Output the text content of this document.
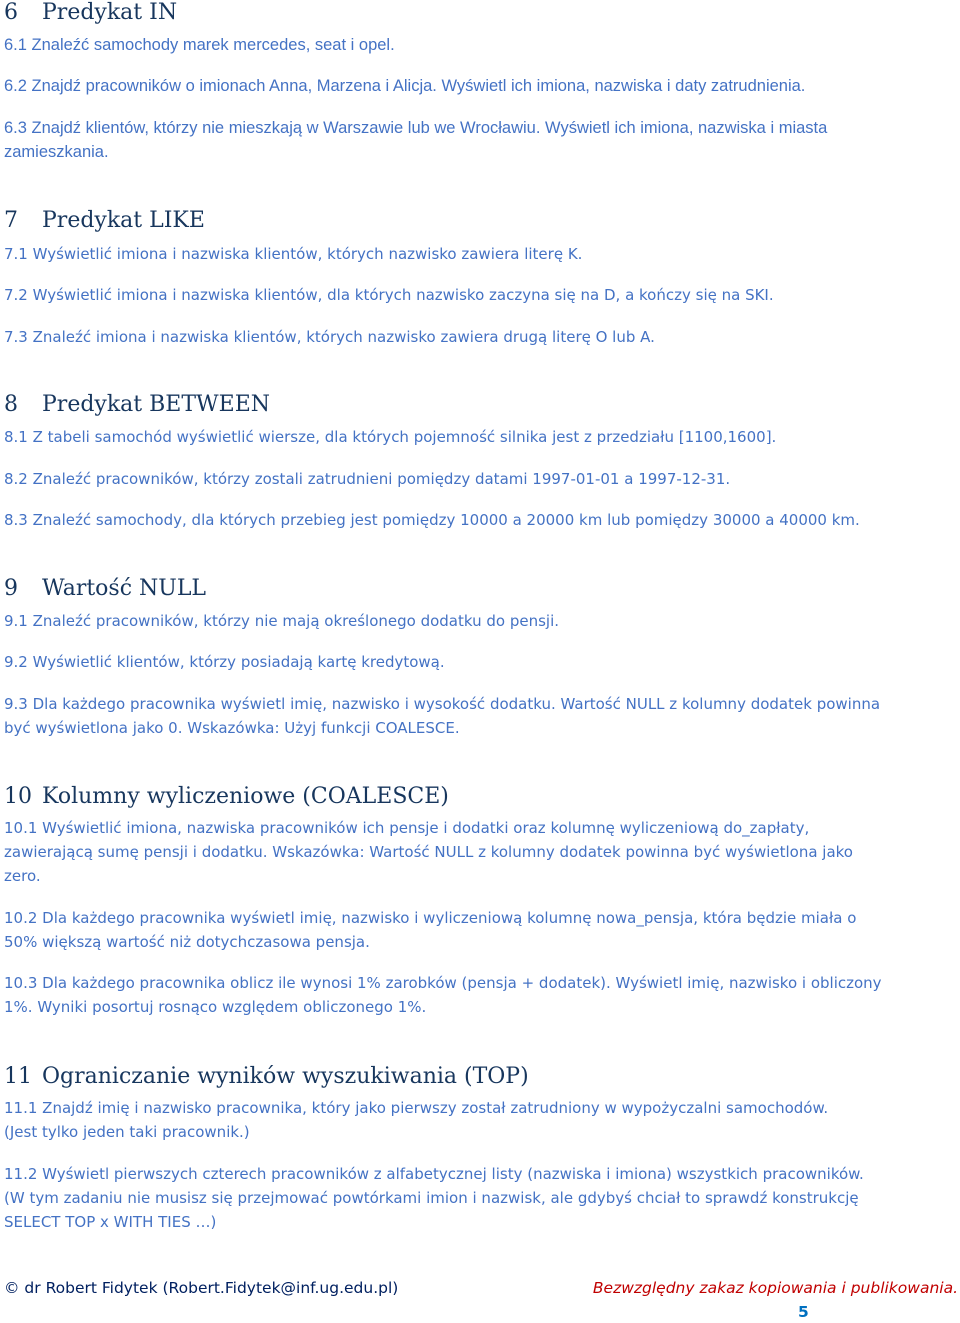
6 Predykat IN

6.1 Znaleźć samochody marek mercedes, seat i opel.

6.2 Znajdź pracowników o imionach Anna, Marzena i Alicja. Wyświetl ich imiona, nazwiska i daty zatrudnienia.

6.3 Znajdź klientów, którzy nie mieszkają w Warszawie lub we Wrocławiu. Wyświetl ich imiona, nazwiska i miasta
zamieszkania.

7 Predykat LIKE

7.1 Wyświetlić imiona i nazwiska klientów, których nazwisko zawiera literę K.

7.2 Wyświetlić imiona i nazwiska klientów, dla których nazwisko zaczyna się na D, a kończy się na SKI.

7.3 Znaleźć imiona i nazwiska klientów, których nazwisko zawiera drugą literę O lub A.

8 Predykat BETWEEN

8.1 Z tabeli samochód wyświetlić wiersze, dla których pojemność silnika jest z przedziału [1100,1600].

8.2 Znaleźć pracowników, którzy zostali zatrudnieni pomiędzy datami 1997-01-01 a 1997-12-31.

8.3 Znaleźć samochody, dla których przebieg jest pomiędzy 10000 a 20000 km lub pomiędzy 30000 a 40000 km.

9 Wartość NULL

9.1 Znaleźć pracowników, którzy nie mają określonego dodatku do pensji.

9.2 Wyświetlić klientów, którzy posiadają kartę kredytową.

9.3 Dla każdego pracownika wyświetl imię, nazwisko i wysokość dodatku. Wartość NULL z kolumny dodatek powinna
być wyświetlona jako 0. Wskazówka: Użyj funkcji COALESCE.

10 Kolumny wyliczeniowe (COALESCE)

10.1 Wyświetlić imiona, nazwiska pracowników ich pensje i dodatki oraz kolumnę wyliczeniową do_zapłaty,
zawierającą sumę pensji i dodatku. Wskazówka: Wartość NULL z kolumny dodatek powinna być wyświetlona jako
zero.

10.2 Dla każdego pracownika wyświetl imię, nazwisko i wyliczeniową kolumnę nowa_pensja, która będzie miała o
50% większą wartość niż dotychczasowa pensja.

10.3 Dla każdego pracownika oblicz ile wynosi 1% zarobków (pensja + dodatek). Wyświetl imię, nazwisko i obliczony
1%. Wyniki posortuj rosnąco względem obliczonego 1%.

11 Ograniczanie wyników wyszukiwania (TOP)

11.1 Znajdź imię i nazwisko pracownika, który jako pierwszy został zatrudniony w wypożyczalni samochodów.
(Jest tylko jeden taki pracownik.)

11.2 Wyświetl pierwszych czterech pracowników z alfabetycznej listy (nazwiska i imiona) wszystkich pracowników.
(W tym zadaniu nie musisz się przejmować powtórkami imion i nazwisk, ale gdybyś chciał to sprawdź konstrukcję
SELECT TOP x WITH TIES …)

© dr Robert Fidytek (Robert.Fidytek@inf.ug.edu.pl)	Bezwzględny zakaz kopiowania i publikowania.
5
